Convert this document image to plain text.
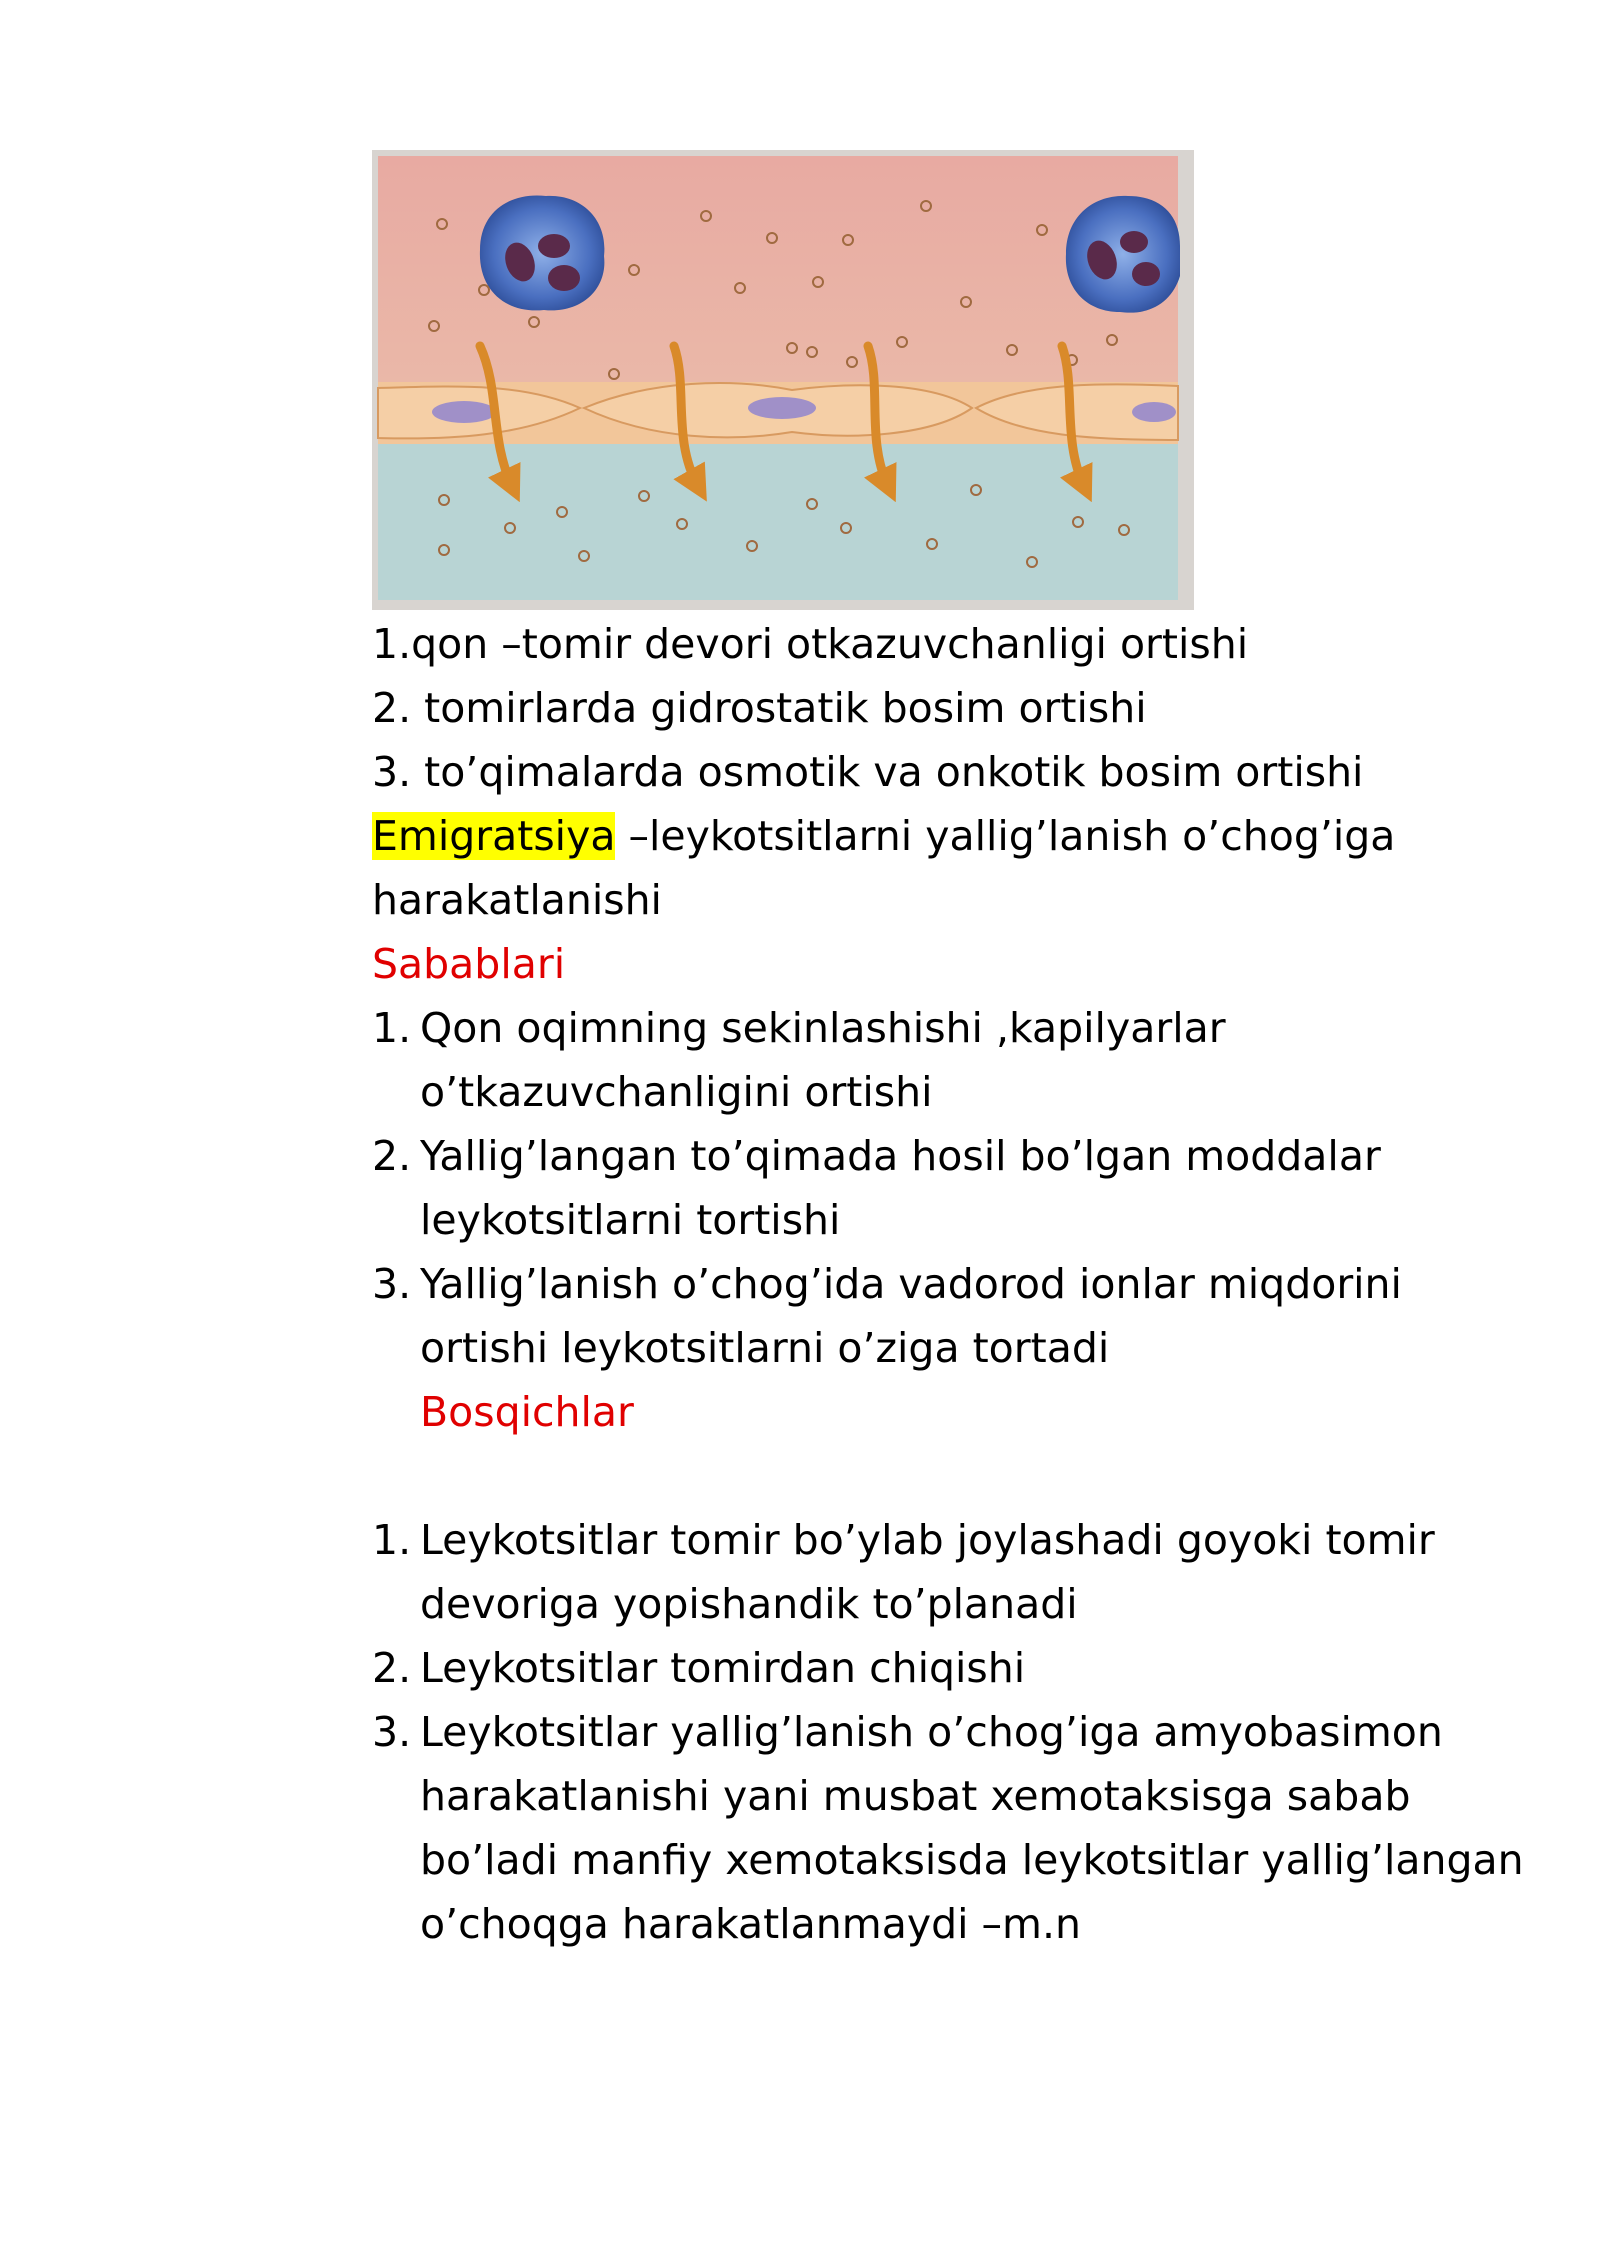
1.qon –tomir devori otkazuvchanligi ortishi
2. tomirlarda gidrostatik bosim ortishi
3. to’qimalarda osmotik va onkotik bosim ortishi
Emigratsiya –leykotsitlarni yallig’lanish o’chog’iga
harakatlanishi
Sabablari
1. Qon oqimning sekinlashishi ,kapilyarlar
o’tkazuvchanligini ortishi
2. Yallig’langan to’qimada hosil bo’lgan moddalar
leykotsitlarni tortishi
3. Yallig’lanish o’chog’ida vadorod ionlar miqdorini
ortishi leykotsitlarni o’ziga tortadi
Bosqichlar
1. Leykotsitlar tomir bo’ylab joylashadi goyoki tomir
devoriga yopishandik to’planadi
2. Leykotsitlar tomirdan chiqishi
3. Leykotsitlar yallig’lanish o’chog’iga amyobasimon
harakatlanishi yani musbat xemotaksisga sabab
bo’ladi manfiy xemotaksisda leykotsitlar yallig’langan
o’choqga harakatlanmaydi –m.n
